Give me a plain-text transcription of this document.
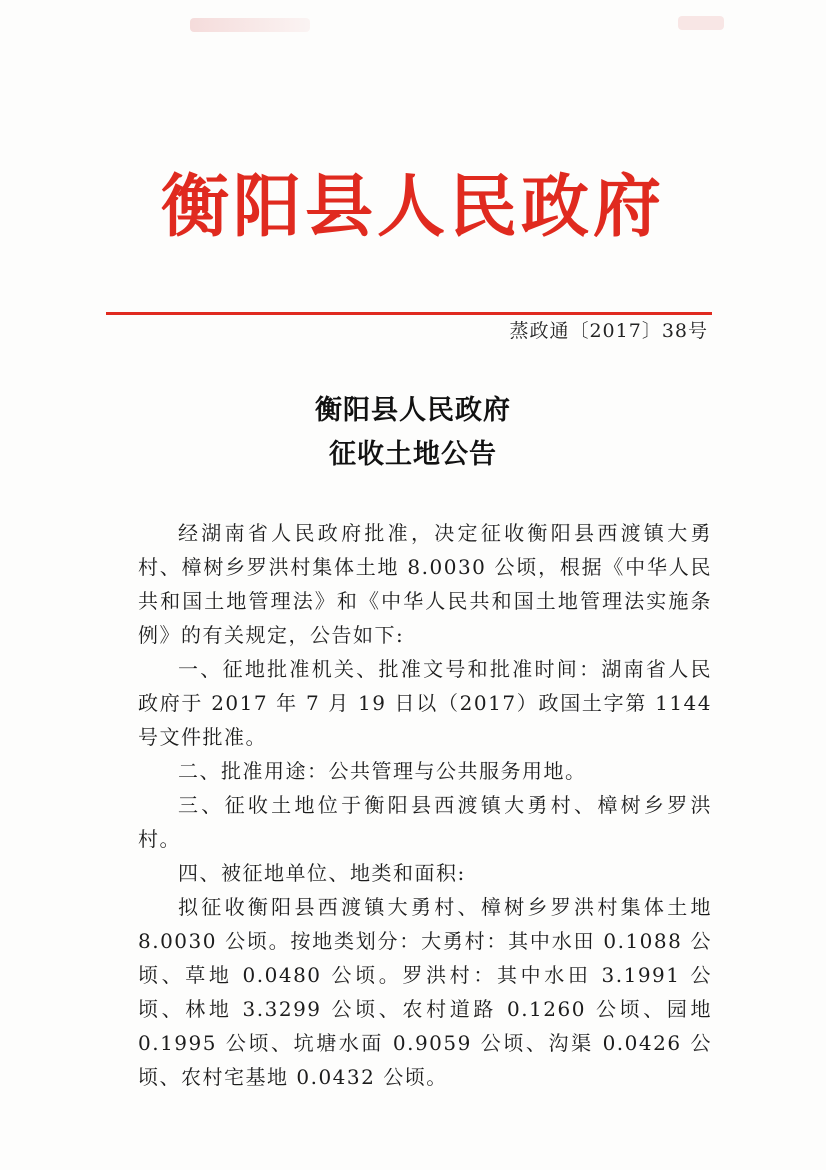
衡阳县人民政府
蒸政通〔2017〕38号
衡阳县人民政府
征收土地公告

经湖南省人民政府批准，决定征收衡阳县西渡镇大勇村、樟树乡罗洪村集体土地 8.0030 公顷，根据《中华人民共和国土地管理法》和《中华人民共和国土地管理法实施条例》的有关规定，公告如下:

一、征地批准机关、批准文号和批准时间：湖南省人民政府于 2017 年 7 月 19 日以（2017）政国土字第 1144 号文件批准。

二、批准用途：公共管理与公共服务用地。

三、征收土地位于衡阳县西渡镇大勇村、樟树乡罗洪村。

四、被征地单位、地类和面积:

拟征收衡阳县西渡镇大勇村、樟树乡罗洪村集体土地 8.0030 公顷。按地类划分：大勇村：其中水田 0.1088 公顷、草地 0.0480 公顷。罗洪村：其中水田 3.1991 公顷、林地 3.3299 公顷、农村道路 0.1260 公顷、园地 0.1995 公顷、坑塘水面 0.9059 公顷、沟渠 0.0426 公顷、农村宅基地 0.0432 公顷。
